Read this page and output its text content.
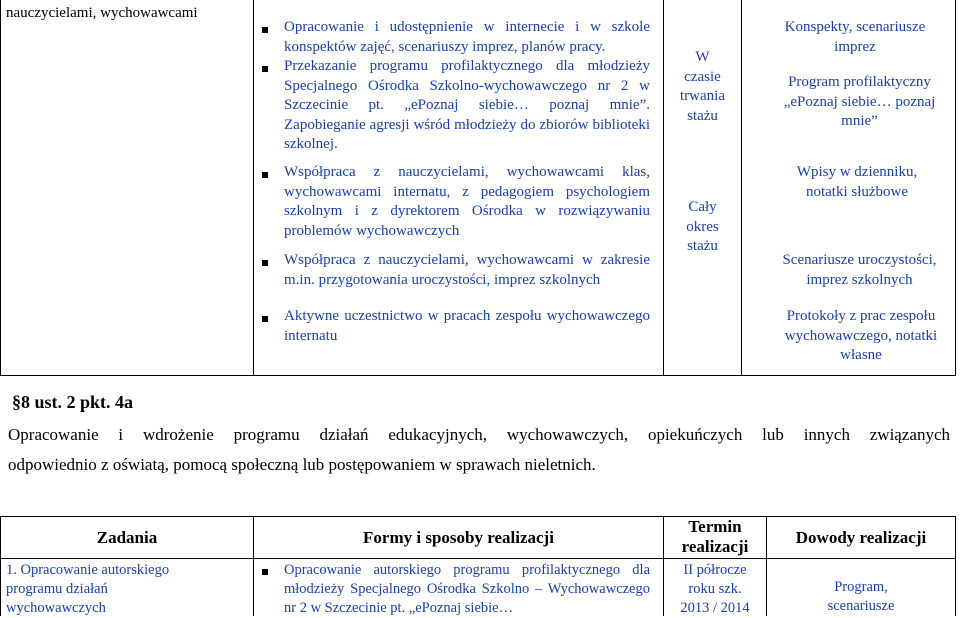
nauczycielami, wychowawcami
Opracowanie i udostępnienie w internecie i w szkole konspektów zajęć, scenariuszy imprez, planów pracy.
Przekazanie programu profilaktycznego dla młodzieży Specjalnego Ośrodka Szkolno-wychowawczego nr 2 w Szczecinie pt. „ePoznaj siebie… poznaj mnie”. Zapobieganie agresji wśród młodzieży do zbiorów biblioteki szkolnej.
W
czasie
trwania
stażu
Konspekty, scenariusze imprez
Program profilaktyczny „ePoznaj siebie… poznaj mnie”
Współpraca z nauczycielami, wychowawcami klas, wychowawcami internatu, z pedagogiem psychologiem szkolnym i z dyrektorem Ośrodka w rozwiązywaniu problemów wychowawczych
Współpraca z nauczycielami, wychowawcami w zakresie m.in. przygotowania uroczystości, imprez szkolnych
Cały
okres
stażu
Wpisy w dzienniku, notatki służbowe
Scenariusze uroczystości, imprez szkolnych
Aktywne uczestnictwo w pracach zespołu wychowawczego internatu
Protokoły z prac zespołu wychowawczego, notatki własne
§8 ust. 2 pkt. 4a
Opracowanie i wdrożenie programu działań edukacyjnych, wychowawczych, opiekuńczych lub innych związanych
odpowiednio z oświatą, pomocą społeczną lub postępowaniem w sprawach nieletnich.
Zadania	Formy i sposoby realizacji
Termin realizacji	Dowody realizacji
1. Opracowanie autorskiego programu działań wychowawczych
Opracowanie autorskiego programu profilaktycznego dla młodzieży Specjalnego Ośrodka Szkolno – Wychowawczego nr 2 w Szczecinie pt. „ePoznaj siebie…
II półrocze
roku szk.
2013 / 2014
Program,
scenariusze
